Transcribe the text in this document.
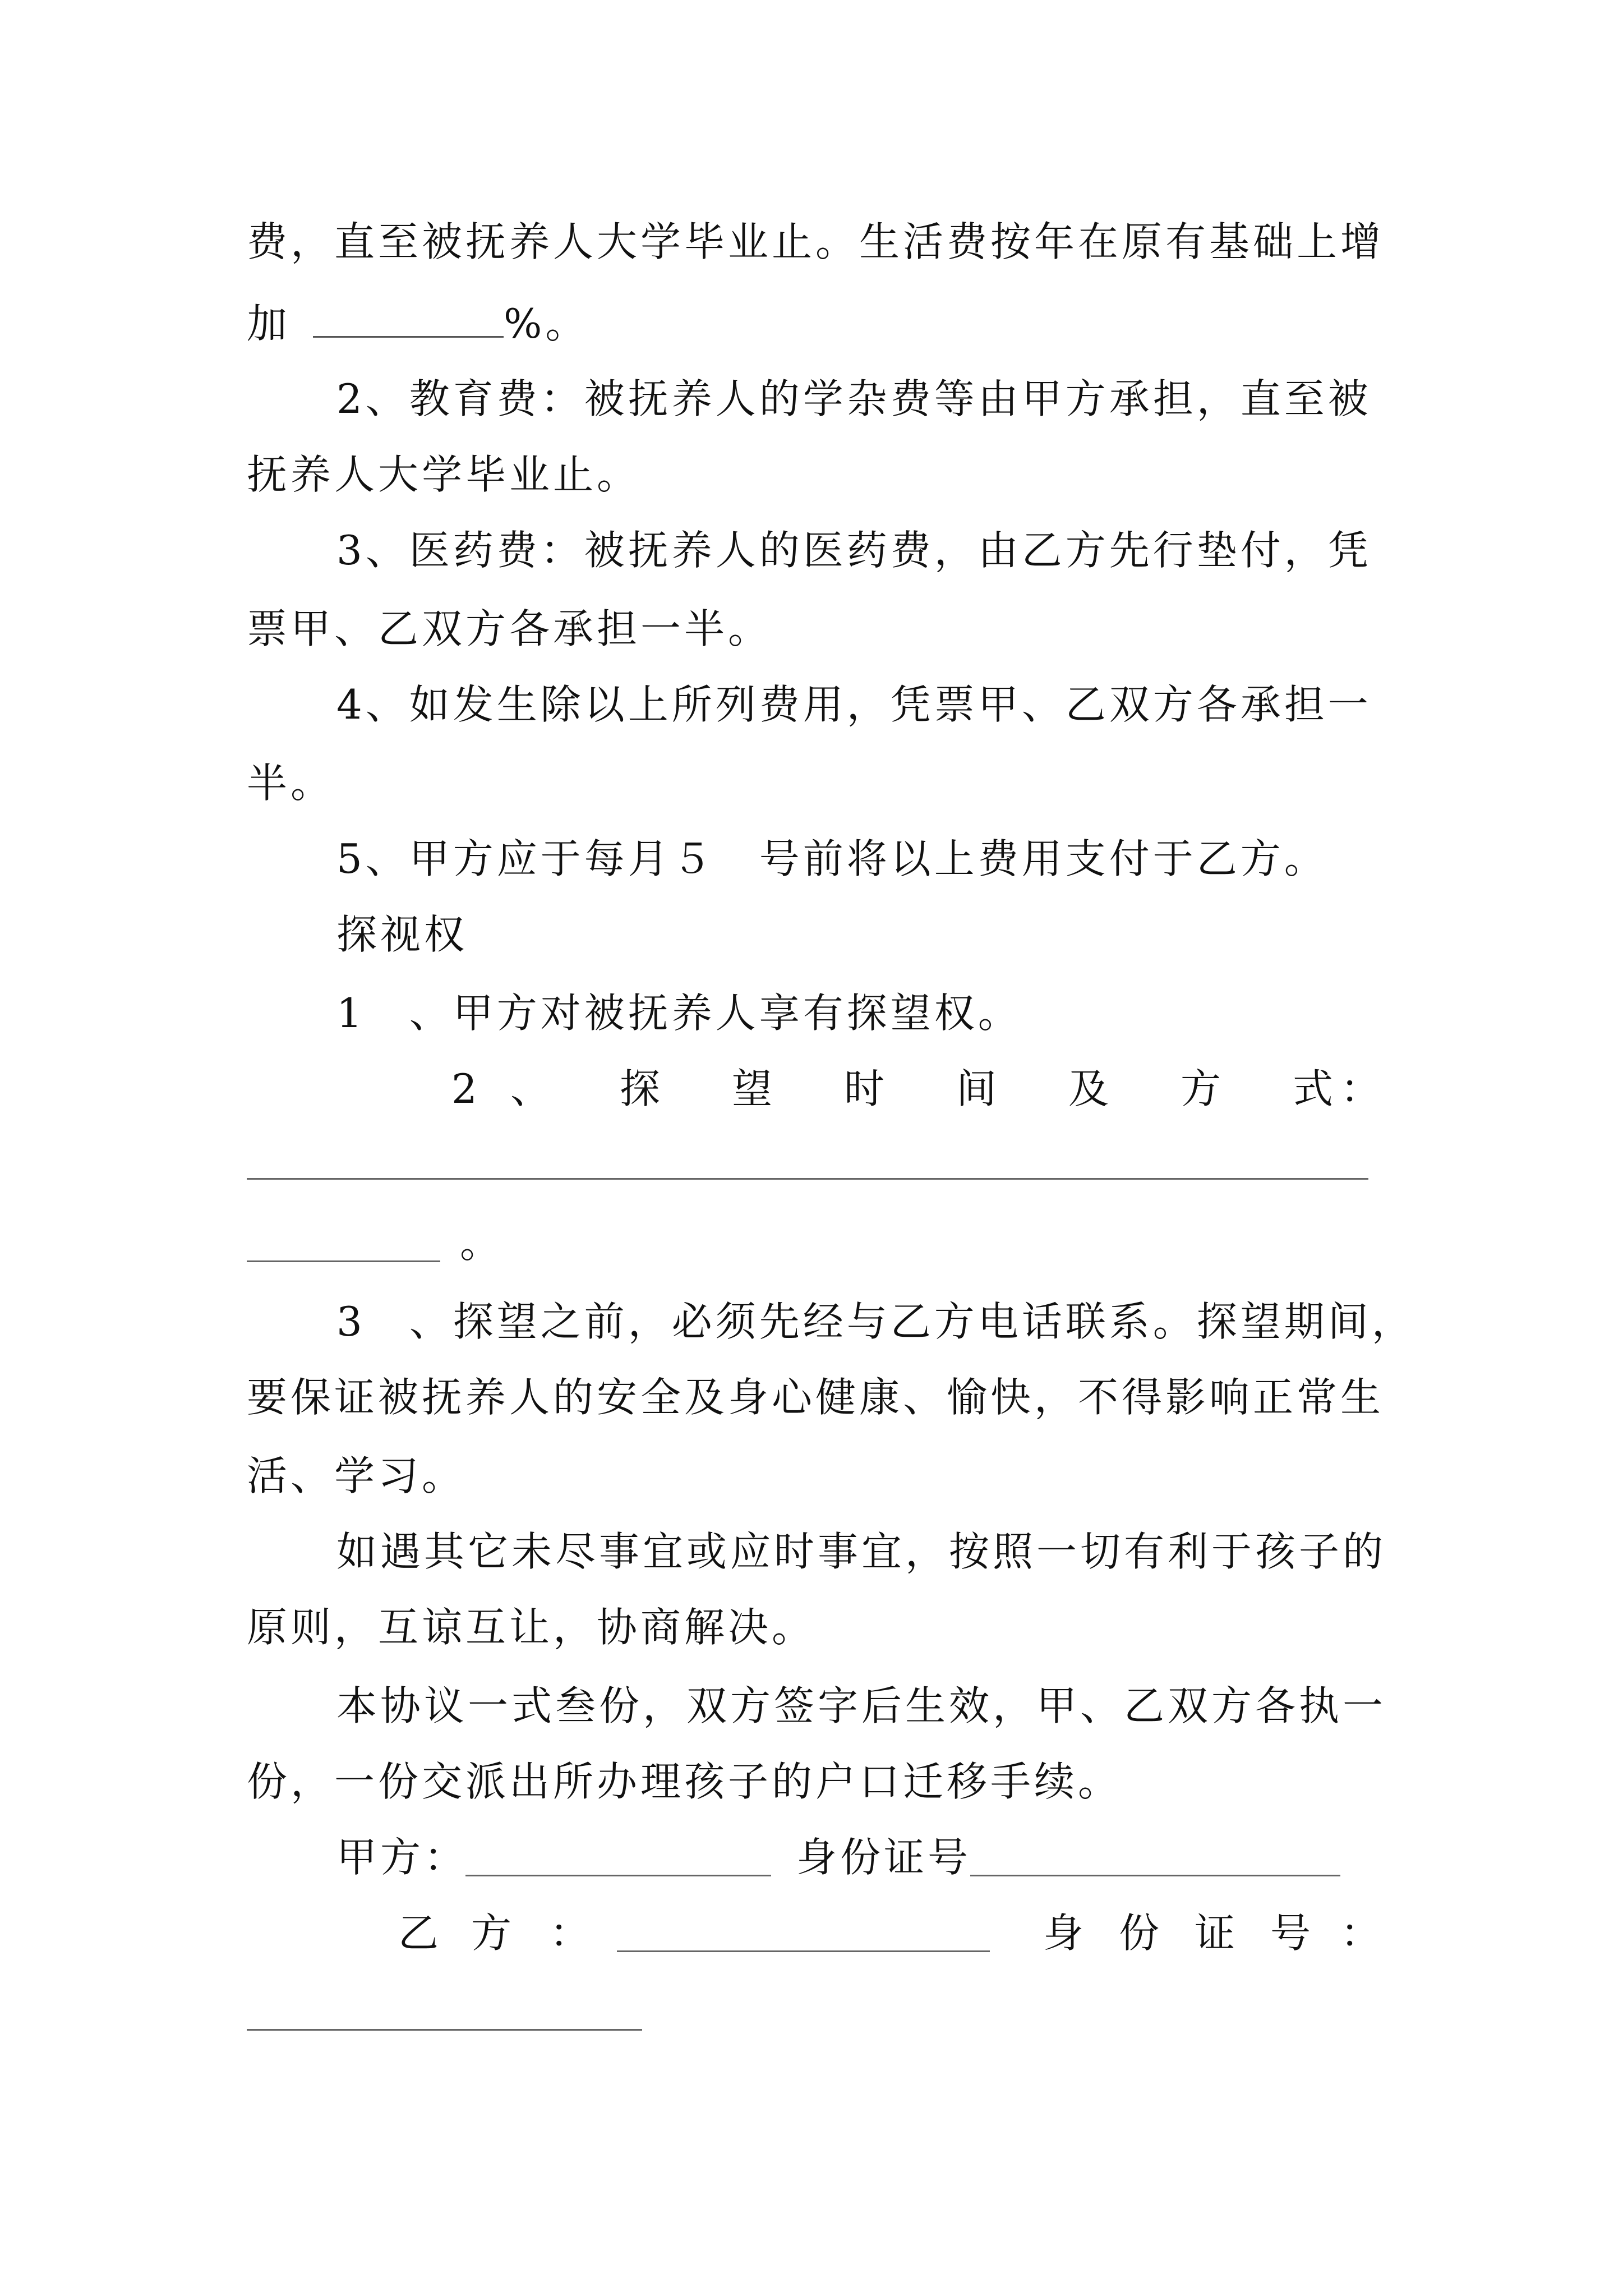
费，直至被抚养人大学毕业止。生活费按年在原有基础上增
加	%。
2、教育费：被抚养人的学杂费等由甲方承担，直至被
抚养人大学毕业止。
3、医药费：被抚养人的医药费，由乙方先行垫付，凭
票甲、乙双方各承担一半。
4、如发生除以上所列费用，凭票甲、乙双方各承担一
半。
5、甲方应于每月５　号前将以上费用支付于乙方。
探视权
1　、甲方对被抚养人享有探望权。
2 、 探 望 时 间 及 方 式 ：
。
3　、探望之前，必须先经与乙方电话联系。探望期间，
要保证被抚养人的安全及身心健康、愉快，不得影响正常生
活、学习。
如遇其它未尽事宜或应时事宜，按照一切有利于孩子的
原则，互谅互让，协商解决。
本协议一式叁份，双方签字后生效，甲、乙双方各执一
份，一份交派出所办理孩子的户口迁移手续。
甲方：	身份证号
乙 方 ：	身 份 证 号 ：
